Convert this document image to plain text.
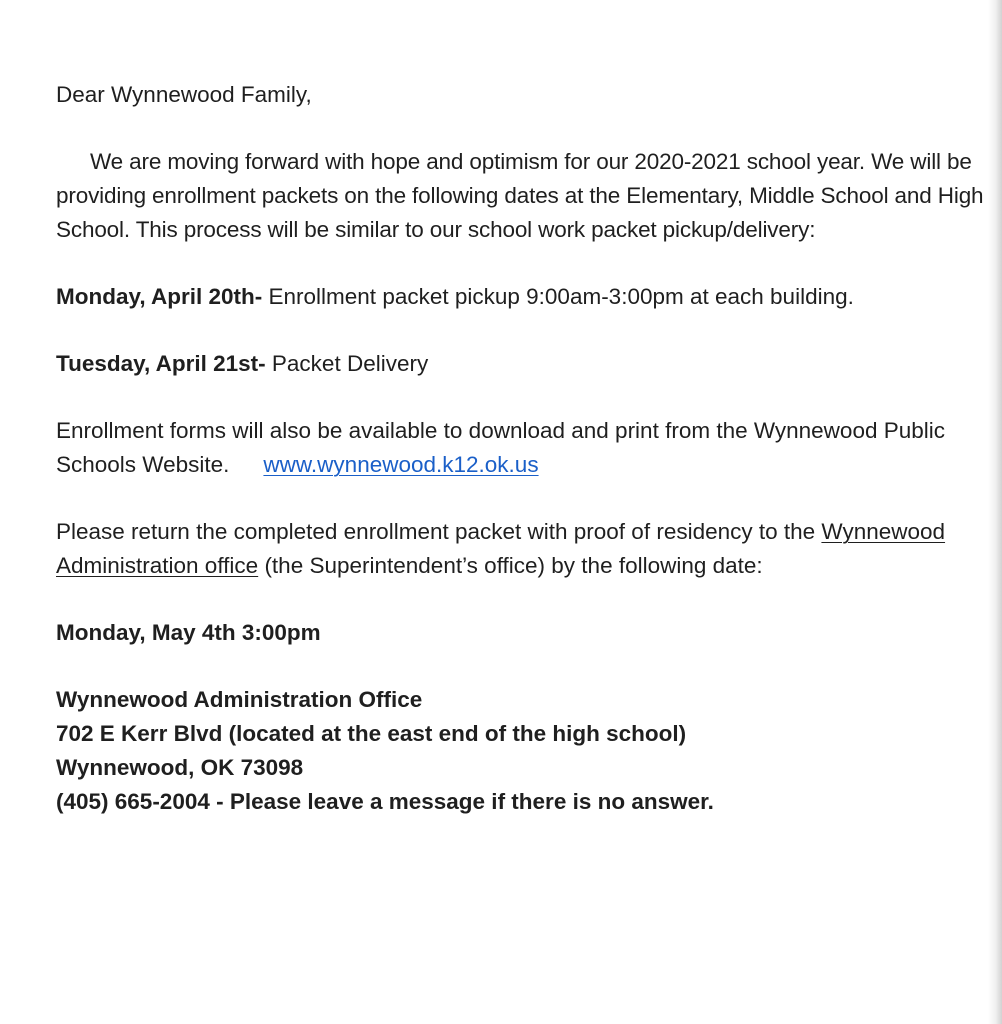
Dear Wynnewood Family,

We are moving forward with hope and optimism for our 2020-2021 school year. We will be providing enrollment packets on the following dates at the Elementary, Middle School and High School. This process will be similar to our school work packet pickup/delivery:

Monday, April 20th- Enrollment packet pickup 9:00am-3:00pm at each building.

Tuesday, April 21st- Packet Delivery

Enrollment forms will also be available to download and print from the Wynnewood Public Schools Website. www.wynnewood.k12.ok.us

Please return the completed enrollment packet with proof of residency to the Wynnewood Administration office (the Superintendent’s office) by the following date:

Monday, May 4th 3:00pm

Wynnewood Administration Office

702 E Kerr Blvd (located at the east end of the high school)

Wynnewood, OK 73098

(405) 665-2004 - Please leave a message if there is no answer.
